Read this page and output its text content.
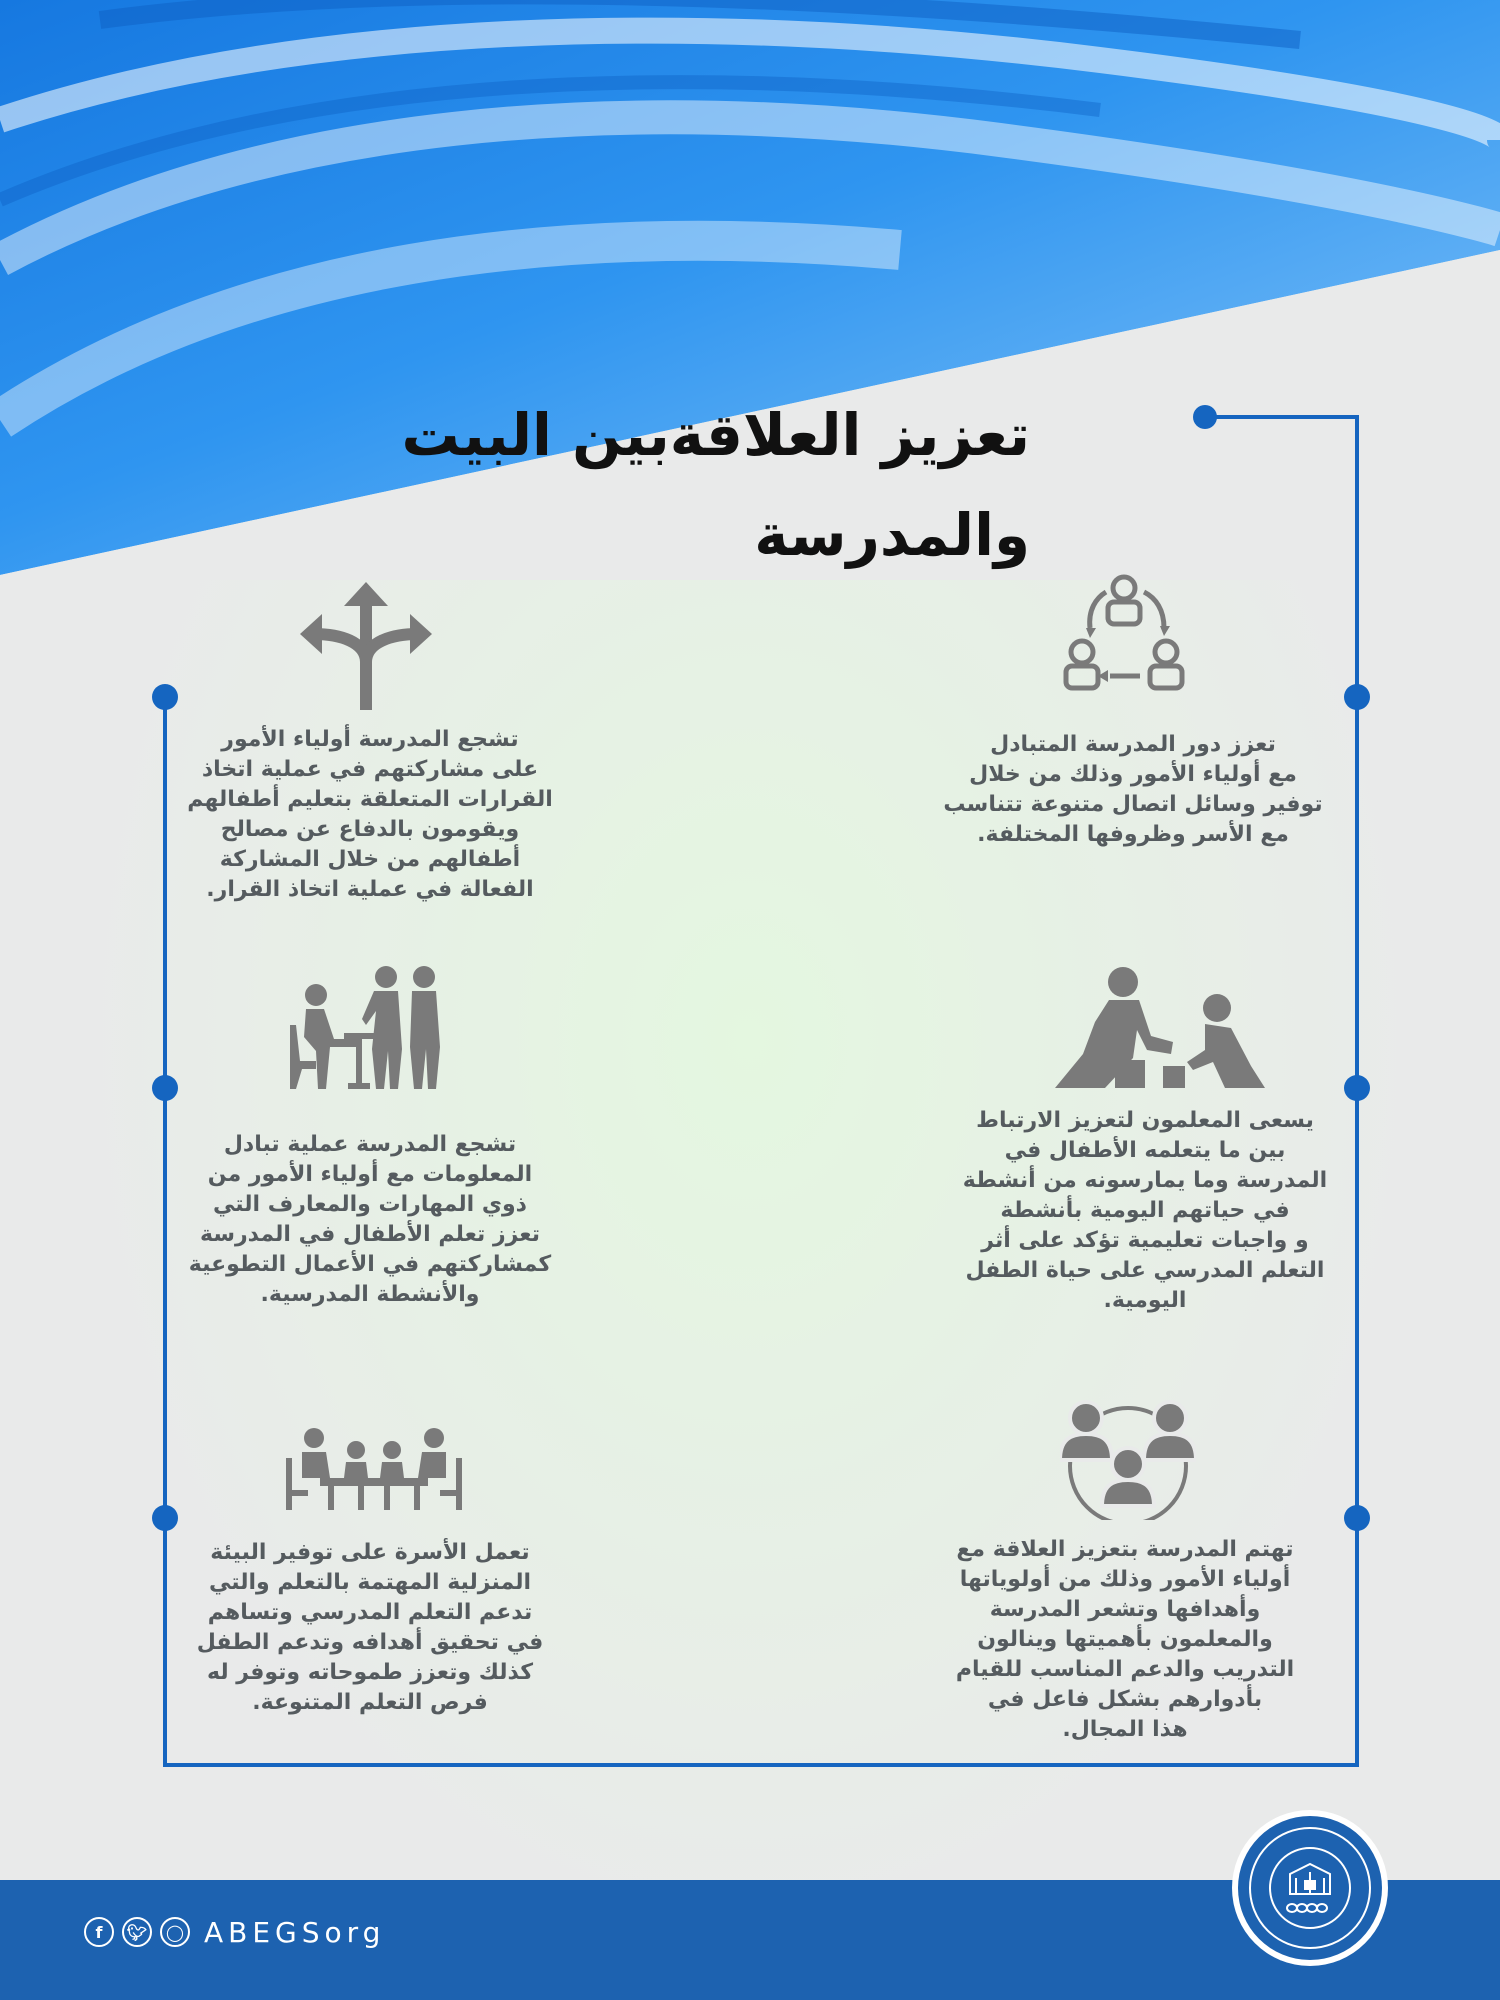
تعزيز العلاقةبين البيت والمدرسة
تعزز دور المدرسة المتبادل
مع أولياء الأمور وذلك من خلال
توفير وسائل اتصال متنوعة تتناسب
مع الأسر وظروفها المختلفة.
تشجع المدرسة أولياء الأمور
على مشاركتهم في عملية اتخاذ
القرارات المتعلقة بتعليم أطفالهم
ويقومون بالدفاع عن مصالح
أطفالهم من خلال المشاركة
الفعالة في عملية اتخاذ القرار.
يسعى المعلمون لتعزيز الارتباط
بين ما يتعلمه الأطفال في
المدرسة وما يمارسونه من أنشطة
في حياتهم اليومية بأنشطة
و واجبات تعليمية تؤكد على أثر
التعلم المدرسي على حياة الطفل
اليومية.
تشجع المدرسة عملية تبادل
المعلومات مع أولياء الأمور من
ذوي المهارات والمعارف التي
تعزز تعلم الأطفال في المدرسة
كمشاركتهم في الأعمال التطوعية
والأنشطة المدرسية.
تهتم المدرسة بتعزيز العلاقة مع
أولياء الأمور وذلك من أولوياتها
وأهدافها وتشعر المدرسة
والمعلمون بأهميتها وينالون
التدريب والدعم المناسب للقيام
بأدوارهم بشكل فاعل في
هذا المجال.
تعمل الأسرة على توفير البيئة
المنزلية المهتمة بالتعلم والتي
تدعم التعلم المدرسي وتساهم
في تحقيق أهدافه وتدعم الطفل
كذلك وتعزز طموحاته وتوفر له
فرص التعلم المتنوعة.
f	🐦︎	◯ ABEGSorg
